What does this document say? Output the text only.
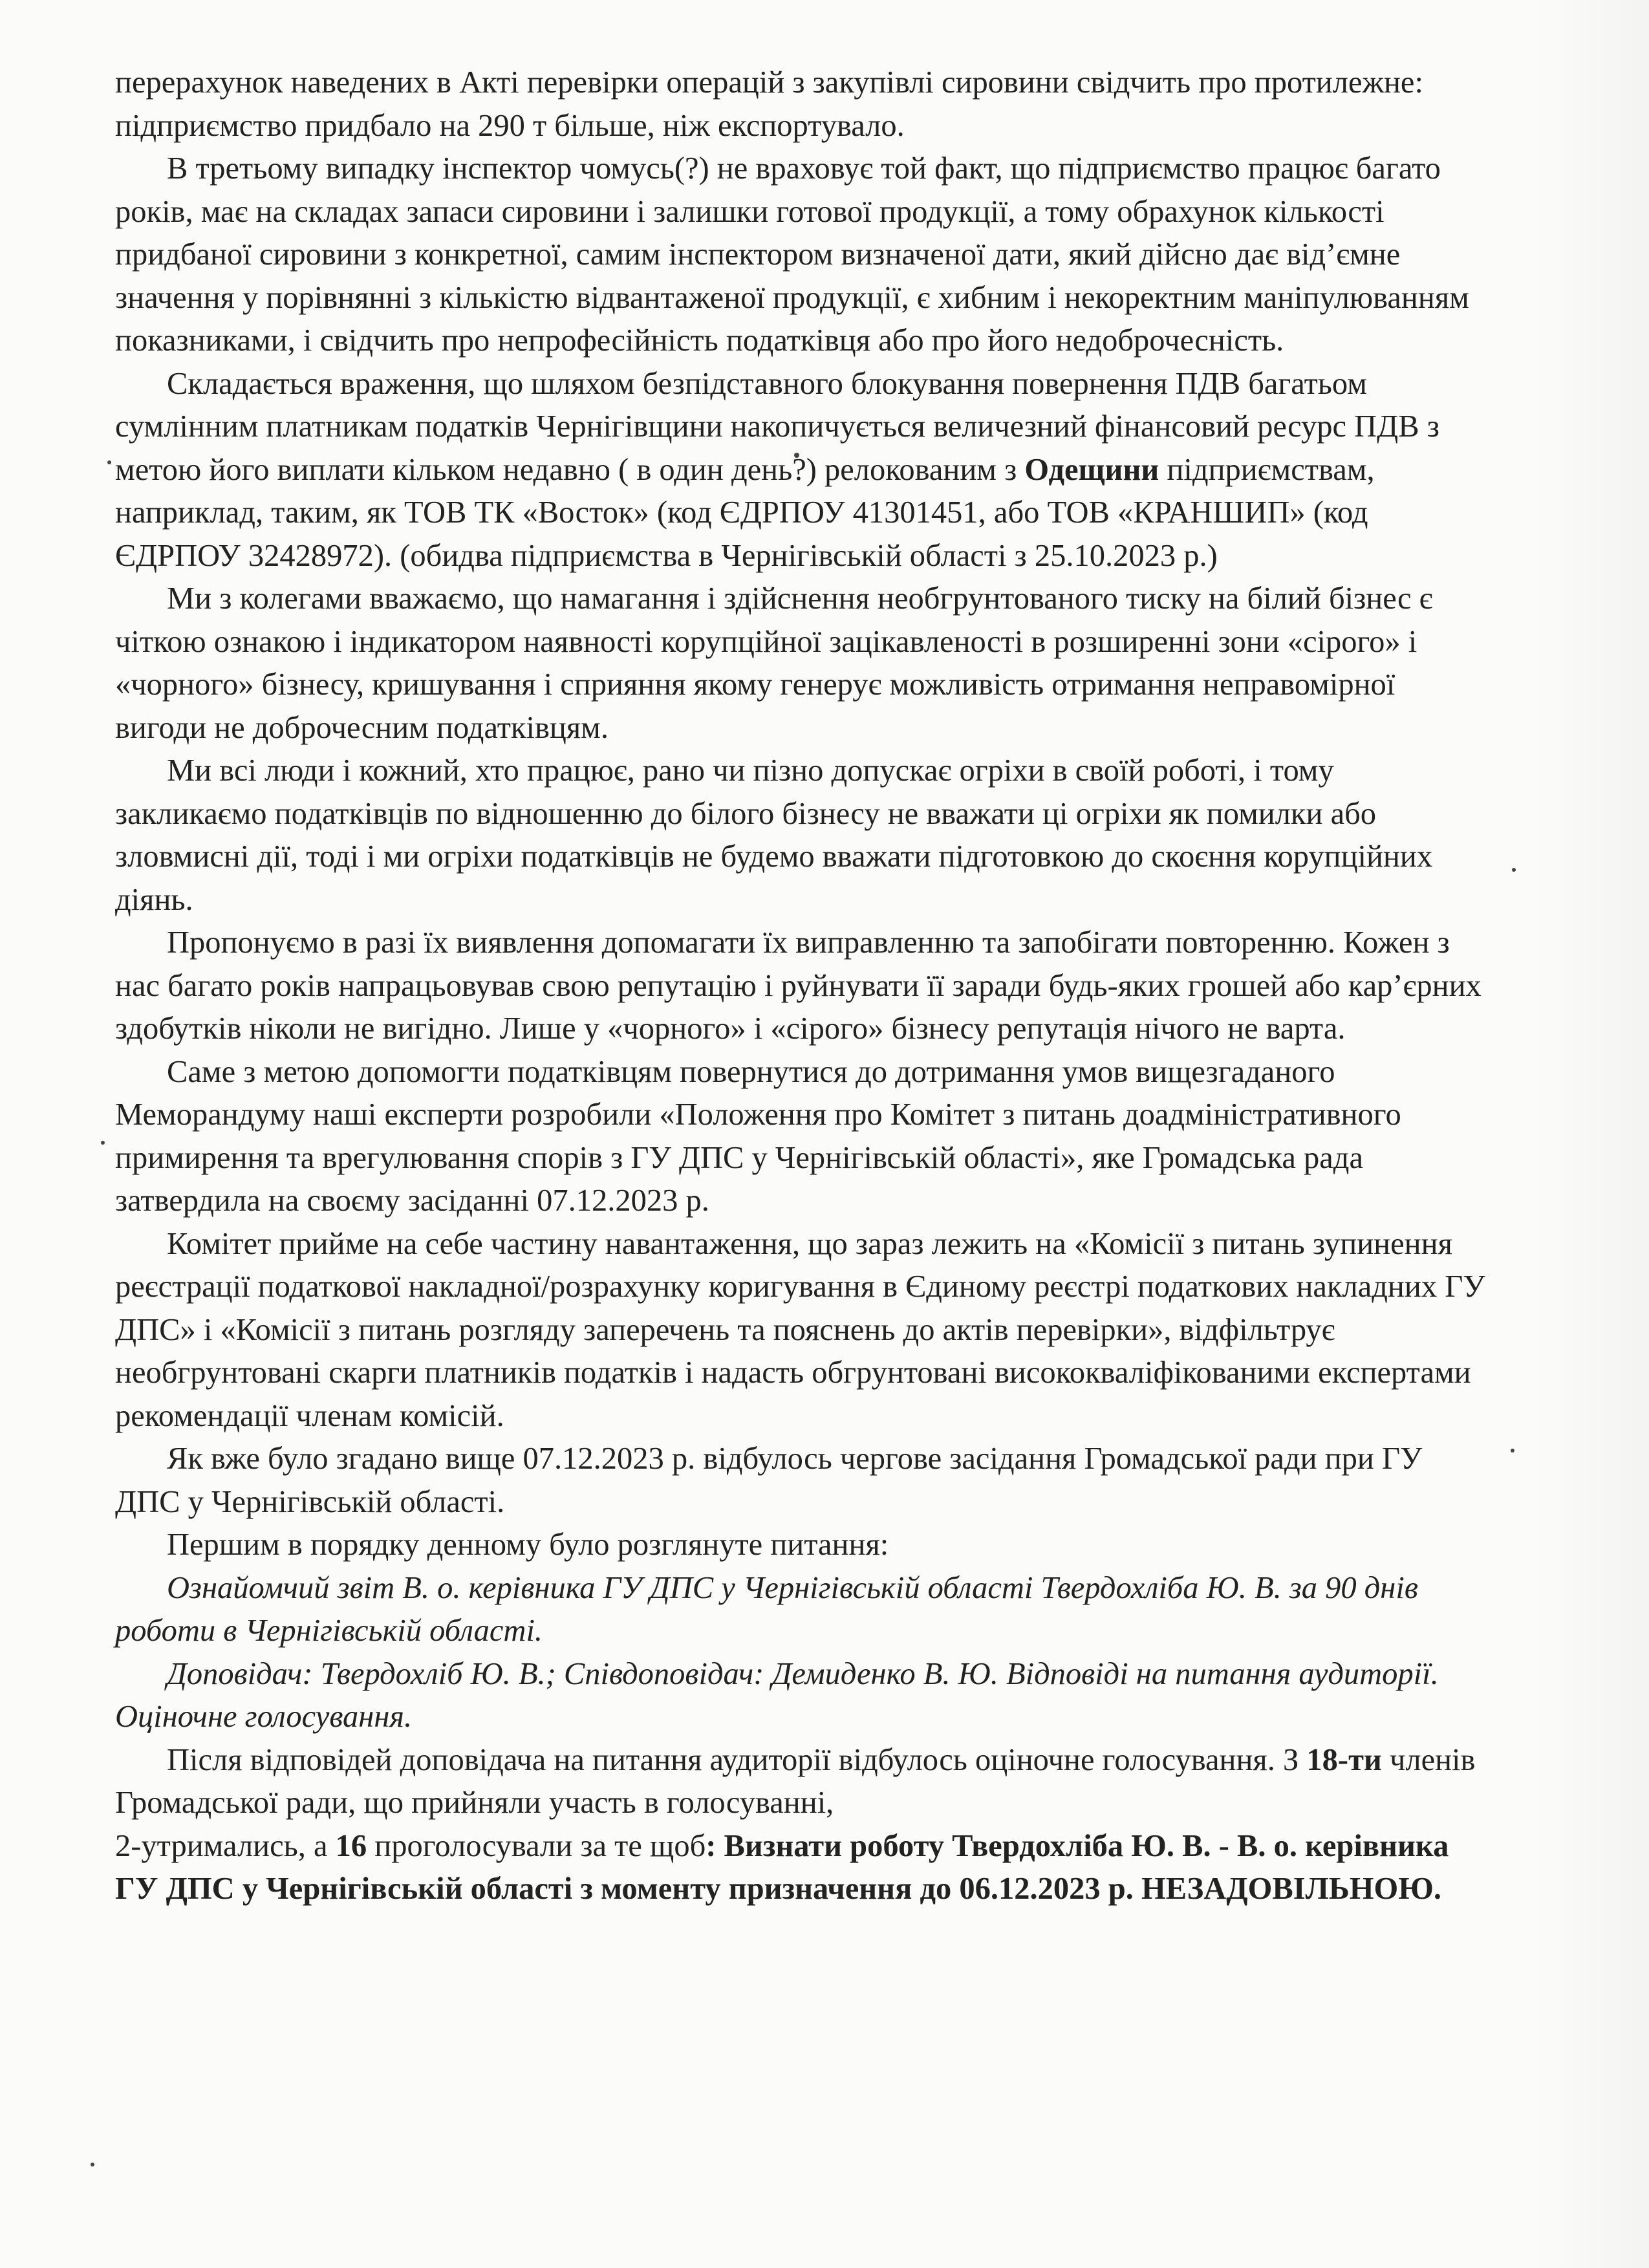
перерахунок наведених в Акті перевірки операцій з закупівлі сировини свідчить про протилежне: підприємство придбало на 290 т більше, ніж експортувало.

В третьому випадку інспектор чомусь(?) не враховує той факт, що підприємство працює багато років, має на складах запаси сировини і залишки готової продукції, а тому обрахунок кількості придбаної сировини з конкретної, самим інспектором визначеної дати, який дійсно дає від’ємне значення у порівнянні з кількістю відвантаженої продукції, є хибним і некоректним маніпулюванням показниками, і свідчить про непрофесійність податківця або про його недоброчесність.

Складається враження, що шляхом безпідставного блокування повернення ПДВ багатьом сумлінним платникам податків Чернігівщини накопичується величезний фінансовий ресурс ПДВ з метою його виплати кільком недавно ( в один день?) релокованим з Одещини підприємствам, наприклад, таким, як ТОВ ТК «Восток» (код ЄДРПОУ 41301451, або ТОВ «КРАНШИП» (код ЄДРПОУ 32428972). (обидва підприємства в Чернігівській області з 25.10.2023 р.)

Ми з колегами вважаємо, що намагання і здійснення необгрунтованого тиску на білий бізнес є чіткою ознакою і індикатором наявності корупційної зацікавленості в розширенні зони «сірого» і «чорного» бізнесу, кришування і сприяння якому генерує можливість отримання неправомірної вигоди не доброчесним податківцям.

Ми всі люди і кожний, хто працює, рано чи пізно допускає огріхи в своїй роботі, і тому закликаємо податківців по відношенню до білого бізнесу не вважати ці огріхи як помилки або зловмисні дії, тоді і ми огріхи податківців не будемо вважати підготовкою до скоєння корупційних діянь.

Пропонуємо в разі їх виявлення допомагати їх виправленню та запобігати повторенню. Кожен з нас багато років напрацьовував свою репутацію і руйнувати її заради будь-яких грошей або кар’єрних здобутків ніколи не вигідно. Лише у «чорного» і «сірого» бізнесу репутація нічого не варта.

Саме з метою допомогти податківцям повернутися до дотримання умов вищезгаданого Меморандуму наші експерти розробили «Положення про Комітет з питань доадміністративного примирення та врегулювання спорів з ГУ ДПС у Чернігівській області», яке Громадська рада затвердила на своєму засіданні 07.12.2023 р.

Комітет прийме на себе частину навантаження, що зараз лежить на «Комісії з питань зупинення реєстрації податкової накладної/розрахунку коригування в Єдиному реєстрі податкових накладних ГУ ДПС» і «Комісії з питань розгляду заперечень та пояснень до актів перевірки», відфільтрує необгрунтовані скарги платників податків і надасть обгрунтовані висококваліфікованими експертами рекомендації членам комісій.

Як вже було згадано вище 07.12.2023 р. відбулось чергове засідання Громадської ради при ГУ ДПС у Чернігівській області.

Першим в порядку денному було розглянуте питання:

Ознайомчий звіт В. о. керівника ГУ ДПС у Чернігівській області Твердохліба Ю. В. за 90 днів роботи в Чернігівській області.

Доповідач: Твердохліб Ю. В.; Співдоповідач: Демиденко В. Ю. Відповіді на питання аудиторії. Оціночне голосування.

Після відповідей доповідача на питання аудиторії відбулось оціночне голосування. З 18-ти членів Громадської ради, що прийняли участь в голосуванні,

2-утримались, а 16 проголосували за те щоб: Визнати роботу Твердохліба Ю. В. - В. о. керівника ГУ ДПС у Чернігівській області з моменту призначення до 06.12.2023 р. НЕЗАДОВІЛЬНОЮ.
